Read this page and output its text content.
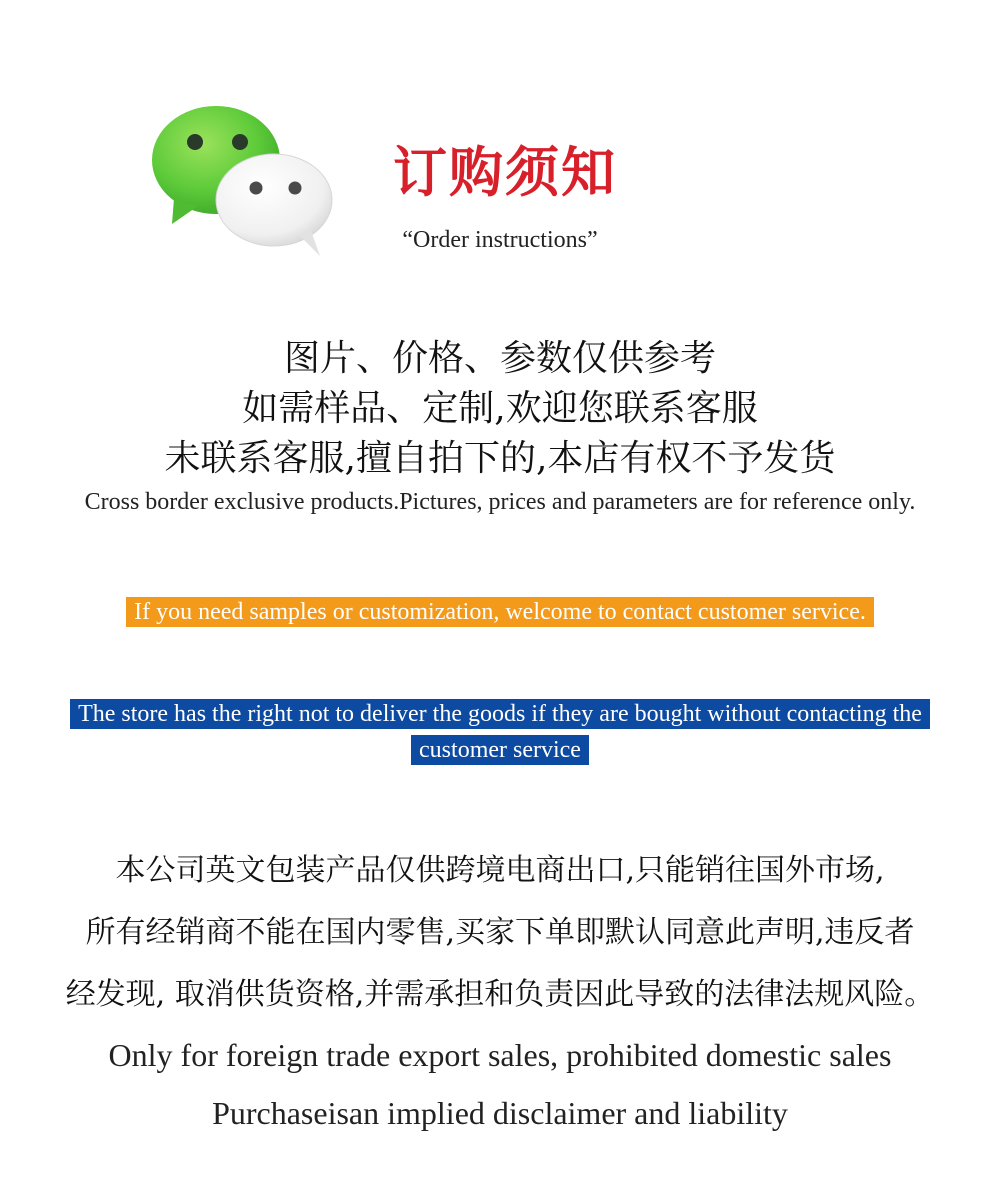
订购须知
“Order instructions”
图片、价格、参数仅供参考
如需样品、定制,欢迎您联系客服
未联系客服,擅自拍下的,本店有权不予发货
Cross border exclusive products.Pictures, prices and parameters are for reference only.
If you need samples or customization, welcome to contact customer service.
The store has the right not to deliver the goods if they are bought without contacting the customer service
本公司英文包装产品仅供跨境电商出口,只能销往国外市场,
所有经销商不能在国内零售,买家下单即默认同意此声明,违反者
经发现, 取消供货资格,并需承担和负责因此导致的法律法规风险。
Only for foreign trade export sales, prohibited domestic sales
Purchaseisan implied disclaimer and liability
